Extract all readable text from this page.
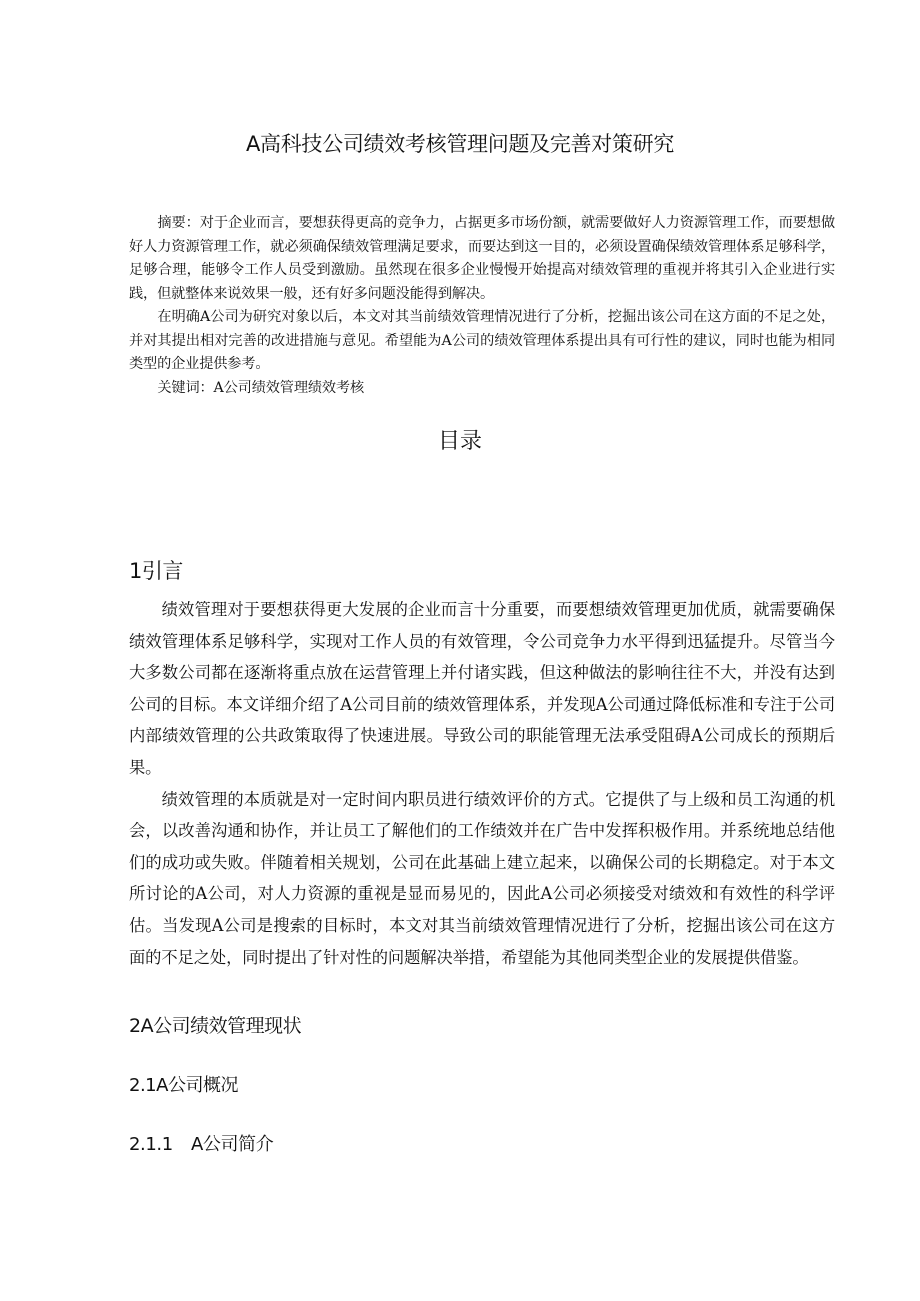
A高科技公司绩效考核管理问题及完善对策研究

摘要：对于企业而言，要想获得更高的竞争力，占据更多市场份额，就需要做好人力资源管理工作，而要想做好人力资源管理工作，就必须确保绩效管理满足要求，而要达到这一目的，必须设置确保绩效管理体系足够科学，足够合理，能够令工作人员受到激励。虽然现在很多企业慢慢开始提高对绩效管理的重视并将其引入企业进行实践，但就整体来说效果一般，还有好多问题没能得到解决。

在明确A公司为研究对象以后，本文对其当前绩效管理情况进行了分析，挖掘出该公司在这方面的不足之处，并对其提出相对完善的改进措施与意见。希望能为A公司的绩效管理体系提出具有可行性的建议，同时也能为相同类型的企业提供参考。

关键词：A公司绩效管理绩效考核

目录
1引言

绩效管理对于要想获得更大发展的企业而言十分重要，而要想绩效管理更加优质，就需要确保绩效管理体系足够科学，实现对工作人员的有效管理，令公司竞争力水平得到迅猛提升。尽管当今大多数公司都在逐渐将重点放在运营管理上并付诸实践，但这种做法的影响往往不大，并没有达到公司的目标。本文详细介绍了A公司目前的绩效管理体系，并发现A公司通过降低标准和专注于公司内部绩效管理的公共政策取得了快速进展。导致公司的职能管理无法承受阻碍A公司成长的预期后果。

绩效管理的本质就是对一定时间内职员进行绩效评价的方式。它提供了与上级和员工沟通的机会，以改善沟通和协作，并让员工了解他们的工作绩效并在广告中发挥积极作用。并系统地总结他们的成功或失败。伴随着相关规划，公司在此基础上建立起来，以确保公司的长期稳定。对于本文所讨论的A公司，对人力资源的重视是显而易见的，因此A公司必须接受对绩效和有效性的科学评估。当发现A公司是搜索的目标时，本文对其当前绩效管理情况进行了分析，挖掘出该公司在这方面的不足之处，同时提出了针对性的问题解决举措，希望能为其他同类型企业的发展提供借鉴。

2A公司绩效管理现状
2.1A公司概况
2.1.1 A公司简介
